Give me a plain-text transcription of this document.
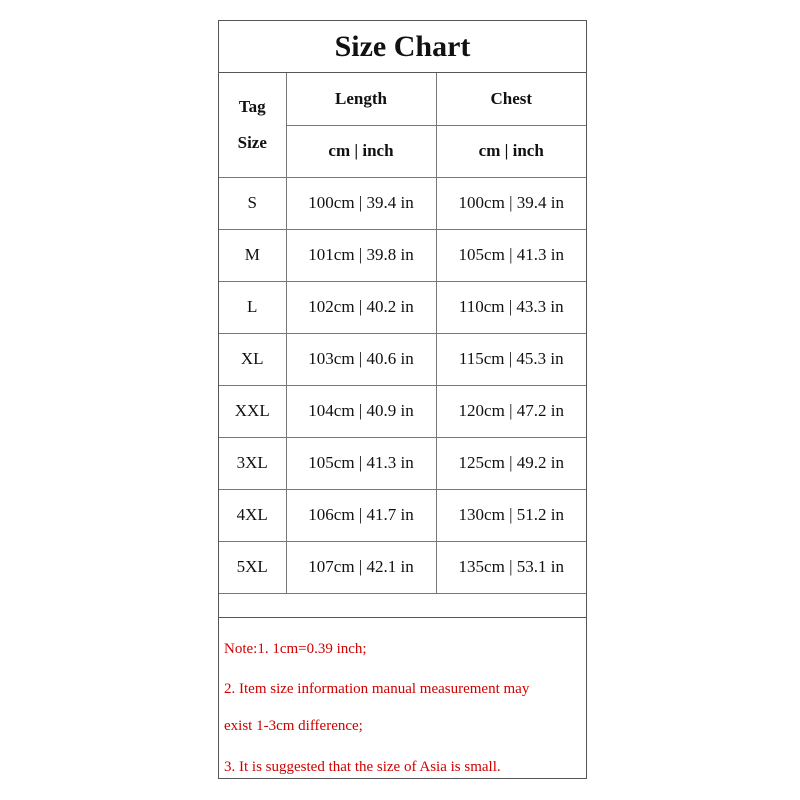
Size Chart
Tag
Size	Length	Chest
	cm | inch	cm | inch
S	100cm | 39.4 in	100cm | 39.4 in
M	101cm | 39.8 in	105cm | 41.3 in
L	102cm | 40.2 in	110cm | 43.3 in
XL	103cm | 40.6 in	115cm | 45.3 in
XXL	104cm | 40.9 in	120cm | 47.2 in
3XL	105cm | 41.3 in	125cm | 49.2 in
4XL	106cm | 41.7 in	130cm | 51.2 in
5XL	107cm | 42.1 in	135cm | 53.1 in
Note:1. 1cm=0.39 inch;
2. Item size information manual measurement may
exist 1-3cm difference;
3. It is suggested that the size of Asia is small.
